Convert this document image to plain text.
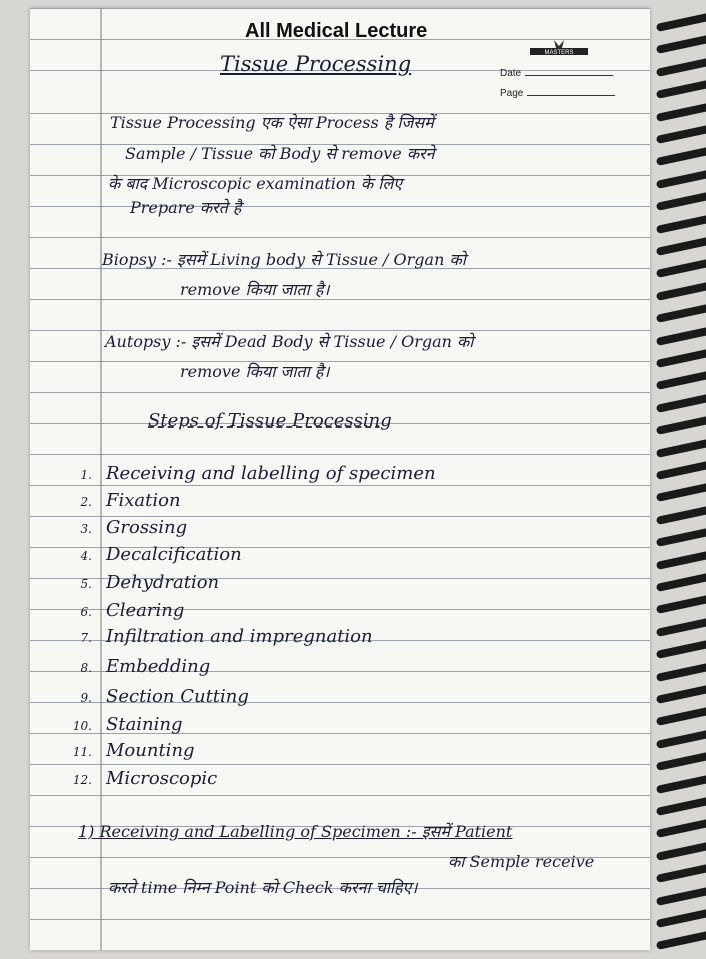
All Medical Lecture
MASTERS
Tissue Processing	Date
Page
Tissue Processing एक ऐसा Process है जिसमें
Sample / Tissue को Body से remove करने
के बाद Microscopic examination के लिए
Prepare करते है
Biopsy :- इसमें Living body से Tissue / Organ को
remove किया जाता है।
Autopsy :- इसमें Dead Body से Tissue / Organ को
remove किया जाता है।
Steps of Tissue Processing
1. Receiving and labelling of specimen
2. Fixation
3. Grossing
4. Decalcification
5. Dehydration
6. Clearing
7. Infiltration and impregnation
8. Embedding
9. Section Cutting
10. Staining
11. Mounting
12. Microscopic
1) Receiving and Labelling of Specimen :- इसमें Patient
का Semple receive
करते time निम्न Point को Check करना चाहिए।
